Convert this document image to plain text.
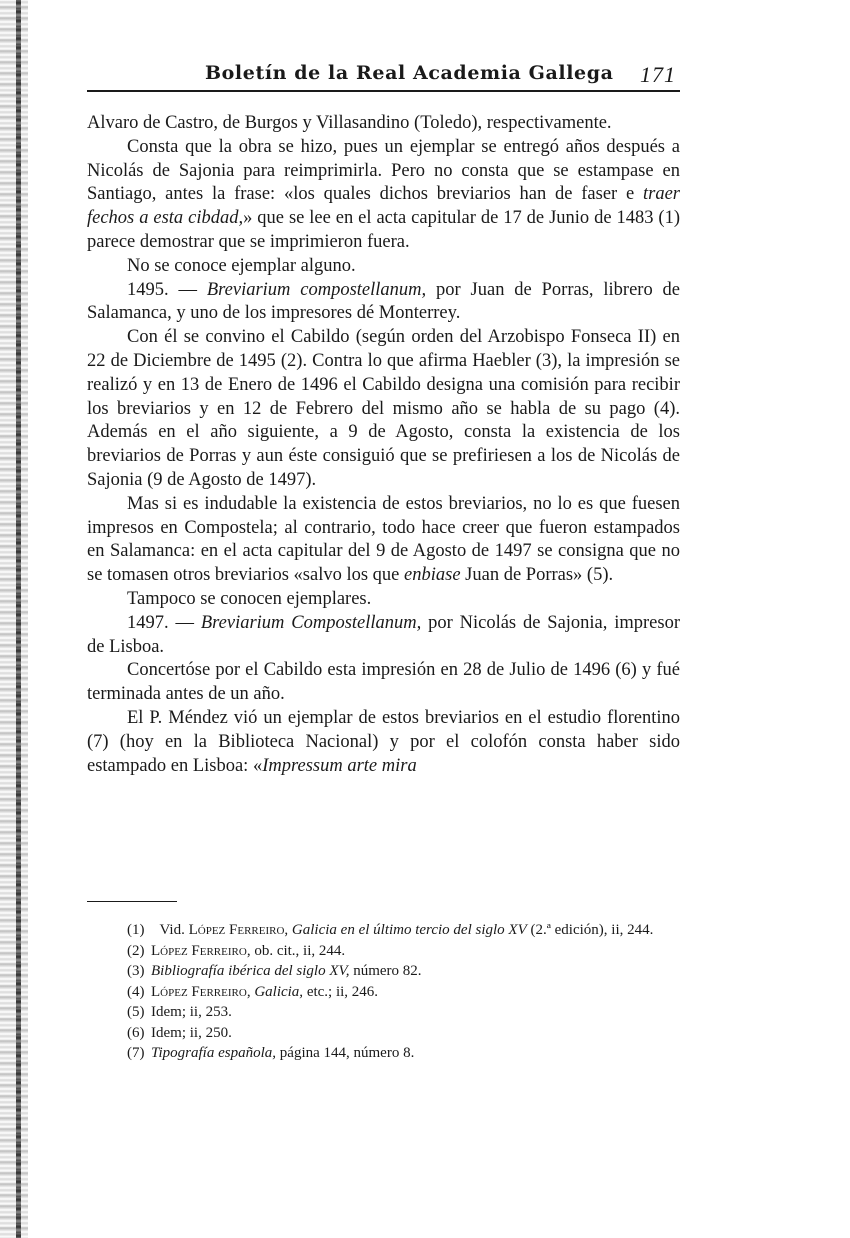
Boletín de la Real Academia Gallega 171

Alvaro de Castro, de Burgos y Villasandino (Toledo), respectivamente.

Consta que la obra se hizo, pues un ejemplar se entregó años después a Nicolás de Sajonia para reimprimirla. Pero no consta que se estampase en Santiago, antes la frase: «los quales dichos breviarios han de faser e traer fechos a esta cibdad,» que se lee en el acta capitular de 17 de Junio de 1483 (1) parece demostrar que se imprimieron fuera.

No se conoce ejemplar alguno.

1495. — Breviarium compostellanum, por Juan de Porras, librero de Salamanca, y uno de los impresores dé Monterrey.

Con él se convino el Cabildo (según orden del Arzobispo Fonseca II) en 22 de Diciembre de 1495 (2). Contra lo que afirma Haebler (3), la impresión se realizó y en 13 de Enero de 1496 el Cabildo designa una comisión para recibir los breviarios y en 12 de Febrero del mismo año se habla de su pago (4). Además en el año siguiente, a 9 de Agosto, consta la existencia de los breviarios de Porras y aun éste consiguió que se prefiriesen a los de Nicolás de Sajonia (9 de Agosto de 1497).

Mas si es indudable la existencia de estos breviarios, no lo es que fuesen impresos en Compostela; al contrario, todo hace creer que fueron estampados en Salamanca: en el acta capitular del 9 de Agosto de 1497 se consigna que no se tomasen otros breviarios «salvo los que enbiase Juan de Porras» (5).

Tampoco se conocen ejemplares.

1497. — Breviarium Compostellanum, por Nicolás de Sajonia, impresor de Lisboa.

Concertóse por el Cabildo esta impresión en 28 de Julio de 1496 (6) y fué terminada antes de un año.

El P. Méndez vió un ejemplar de estos breviarios en el estudio florentino (7) (hoy en la Biblioteca Nacional) y por el colofón consta haber sido estampado en Lisboa: «Impressum arte mira

(1) Vid. López Ferreiro, Galicia en el último tercio del siglo XV (2.ª edición), ii, 244.
(2) López Ferreiro, ob. cit., ii, 244.
(3) Bibliografía ibérica del siglo XV, número 82.
(4) López Ferreiro, Galicia, etc.; ii, 246.
(5) Idem; ii, 253.
(6) Idem; ii, 250.
(7) Tipografía española, página 144, número 8.
